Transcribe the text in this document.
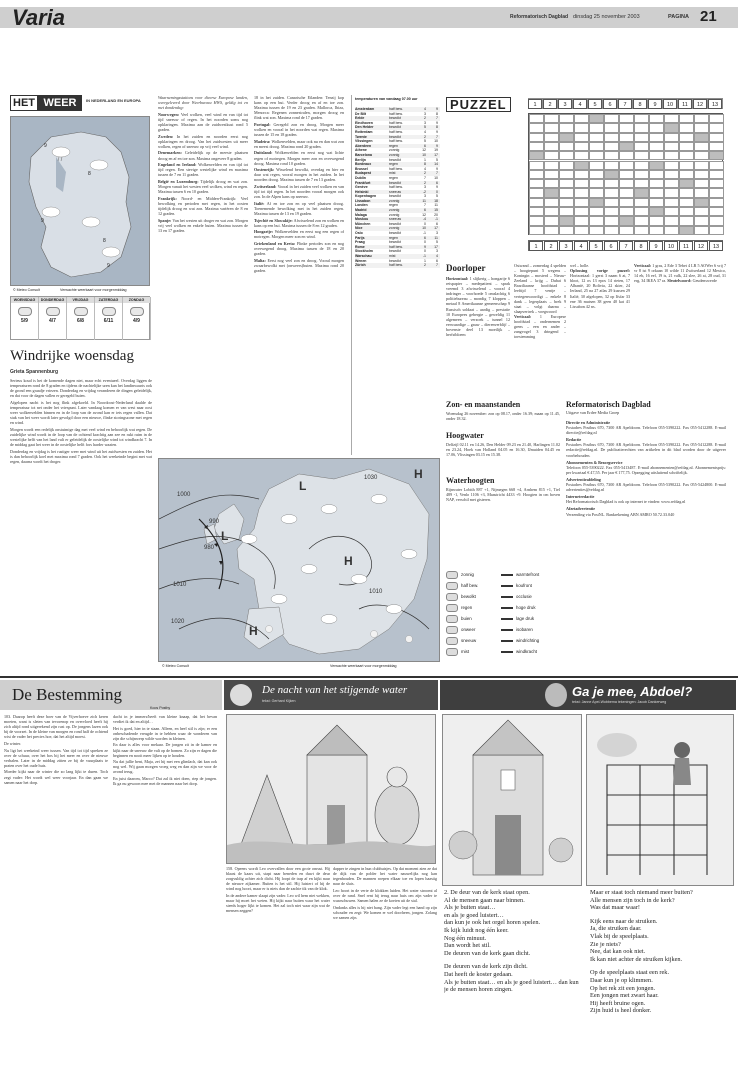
Varia	Reformatorisch Dagblad dinsdag 25 november 2003	PAGINA 21
HET WEER	IN NEDERLAND EN EUROPA
9
8
9
8
9
© Meteo Consult	Verwachte weerkaart voor morgenmiddag
WOENSDAG
5/9
DONDERDAG
4/7
VRIJDAG
6/8
ZATERDAG
6/11
ZONDAG
4/9
Windrijke woensdag
Grieta Spannenburg

Serieus koud is het de komende dagen niet, maar echt eventueel. Overdag liggen de temperaturen rond de 8 graden en tijdens de nachtelijke uren kan het landinwaarts ook de grond een graadje vriezen. Donderdag en vrijdag veranderen de dingen geleidelijk, en dat voor de dagen vallen er geregeld buien.

Afgelopen nacht is het nog flink afgekoeld. In Noordoost-Nederland daalde de temperatuur tot net onder het vriespunt. Later vandaag komen er van west naar oost weer wolkenvelden binnen en in de loop van de avond kan er iets regen vallen. Dat stuk van het weer wordt later gevolgd door een nieuwe, flinke storingszone met regen en wind.

Morgen wordt een redelijk onstuimige dag met veel wind en behoorlijk wat regen. De zuidelijke wind wordt in de loop van de ochtend krachtig aan zee en rukt ruim in de westelijke helft van het land vult er geleidelijk de oostelijke wind tot windkracht 7. In de middag gaat het weer in de oostelijke helft fors harder waaien.

Donderdag en vrijdag is het rustiger weer met wind uit het zuidwesten en zuiden. Het is dan behoorlijk koel met maxima rond 7 graden. Ook het weekeinde begint met wat regen, daarna wordt het droger.

Waarnemingsstations voor diverse Europese landen, weergeleverd door Weerbureau HWS, geldig tot en met donderdag:

Noorwegen: Veel wolken, veel wind en van tijd tot tijd sneeuw of regen. In het noorden soms nog opklaringen. Maxima aan de zuidwestkust rond 5 graden.

Zweden: In het zuiden en noorden eerst nog opklaringen en droog. Van het zuidwesten uit meer wolken, regen of sneeuw op vrij veel wind.

Denemarken: Geleidelijk op de meeste plaatsen droog en af en toe zon. Maxima ongeveer 8 graden.

Engeland en Ierland: Wolkenvelden en van tijd tot tijd regen. Een stevige westelijke wind en maxima tussen de 7 en 11 graden.

België en Luxemburg: Tijdelijk droog en wat zon. Morgen vanuit het westen veel wolken, wind en regen. Maxima tussen 6 en 10 graden.

Frankrijk: Noord- en Midden-Frankrijk: Veel bewolking en perioden met regen, in het oosten tijdelijk droog en wat zon. Maxima variëren de 8 en 12 graden.

Spanje: Van het westen uit droger en wat zon. Morgen vrij veel wolken en enkele buien. Maxima tussen de 13 en 17 graden.

18 in het zuiden. Canarische Eilanden: Tenzij kop kans op een bui. Verder droog en af en toe zon. Maxima tussen de 19 en 23 graden. Mallorca, Ibiza, Menorca: Regenen zonnestralen, morgen droog en flink wat zon. Maxima rond de 17 graden.

Portugal: Geregeld zon en droog. Morgen meer wolken en vooral in het noorden wat regen. Maxima tussen de 15 en 18 graden.

Madeira: Wolkenvelden, maar ook nu en dan wat zon en meest droog. Maxima rond 20 graden.

Duitsland: Wolkenvelden en eerst nog wat lichte regen of motregen. Morgen meer zon en overwegend droog. Maxima rond 10 graden.

Oostenrijk: Wisselend bewolkt, overdag en hier en daar wat regen, vooral morgen in het zuiden. In het noorden droog. Maxima tussen de 7 en 13 graden.

Zwitserland: Vooral in het zuiden veel wolken en van tijd tot tijd regen. In het noorden vooral morgen ook zon. In de Alpen kans op sneeuw.

Italië: Af en toe zon en op veel plaatsen droog. Toenemende bewolking met in het zuiden regen. Maxima tussen de 13 en 19 graden.

Tsjechië en Slowakije: Afwisselend zon en wolken en kans op een bui. Maxima tussen de 8 en 12 graden.

Hongarije: Wolkenvelden en eerst nog een regen of motregen. Morgen meer zon en wind.

Griekenland en Kreta: Flinke periodes zon en nog overwegend droog. Maxima tussen de 18 en 20 graden.

Malta: Eerst nog veel zon en droog. Vooral morgen zwaarbewolkt met (onweers)buien. Maxima rond 20 graden.

temperaturen van vandaag 07.00 uur
Amsterdam	half bew.	4	9
De Bilt	half bew.	3	8
Eelde	bewolkt	2	7
Eindhoven	half bew.	3	9
Den Helder	bewolkt	5	8
Rotterdam	half bew.	4	9
Twente	bewolkt	2	7
Vlissingen	half bew.	5	10
Aberdeen	regen	6	9
Athene	zonnig	12	19
Barcelona	zonnig	10	17
Berlijn	bewolkt	1	5
Bordeaux	regen	8	14
Brussel	half bew.	4	9
Budapest	mist	2	7
Dublin	regen	7	10
Frankfurt	bewolkt	2	6
Genève	half bew.	3	9
Helsinki	sneeuw	-2	0
Kopenhagen	bewolkt	3	5
Lissabon	zonnig	11	18
Londen	regen	7	11
Madrid	zonnig	6	15
Malaga	zonnig	12	20
Moskou	sneeuw	-4	-1
München	bewolkt	0	6
Nice	zonnig	10	17
Oslo	bewolkt	-1	3
Parijs	regen	6	11
Praag	bewolkt	0	5
Rome	half bew.	9	17
Stockholm	bewolkt	0	3
Warschau	mist	-1	4
Wenen	bewolkt	1	6
Zürich	half bew.	2	7
1000
990
980
1010
1020
1030
1010
H
L
H
L
H
© Meteo Consult	Verwachte weerkaart voor morgenmiddag
PUZZEL	1	2	3	4	5	6	7	8	9	10	11	12	13
1	2	3	4	5	6	7	8	9	10	11	12	13
Doorloper
Horizontaal: 1 slijkerig – hongarije 6 reispapier – medepatient – sprak vreemd 3 afwisselend – vooraf 4 indringer – voorhoede 5 omslachtig 6 politiebureau – mondig 7 kloppen – metaal 8 Amerikaanse gemeenschap 9 Russisch soldaat – aardig – prestatie 10 Europees gebergte – geweldig 11 algemeen – verzoek – tunnel 12 eerwaardige – gauw – dierenverblijf – bovenste deel 13 moeilijk – herfstbloem
Ostwand – zomerdag 4 spelden – hoogtepunt 5 wegens – Koningin – mosterd – Nieuw-Zeeland – krijg – Dubai 6 Braziliaanse hoofdstad – leeftijd 7 ventje – vertegenwoordigt – enkele 8 dank – legerplaats – brek 9 staat – volgt daarna – slaapvertrek – voegwoord
Verticaal: 1 Europese hoofdstad – ondernemen 2 grens – een en ander – zangvogel 3 dringend – toestemming
wel – holle.
Oplossing vorige puzzel: Horizontaal: 1 gerst 3 naam 6 at, 7 bloot, 12 os 13 epos 14 rieten, 17 Albanië, 20 Bolivia, 22 skier, 24 Ierland, 25 na 27 atlas 29 kussen 29 Italië, 30 afgelopen, 32 op Ifsfar 33 ene 36 mutsen 38 geen 40 kat 41 Lissabon 42 ns.
Verticaal: 1 gras, 2 Ede 3 Tebet 4 LR 5 AOWer 6 vrij 7 vr 8 ist 9 orkaan 10 wilde 11 Zwitserland 12 Mexico, 14 eb, 16 eel, 19 is, 21 valk, 22 slee, 26 ai, 28 oud, 31 erg, 34 IKEA 37 ra. Sleutelwoord: Geudenswerde
Zon- en maanstanden
Woensdag 26 november: zon op 08.17, onder 16.39; maan op 11.45, onder 18.32.
Hoogwater
Delfzijl 02.11 en 14.26, Den Helder 09.23 en 21.40, Harlingen 11.02 en 23.24, Hoek van Holland 04.05 en 16.30, IJmuiden 04.45 en 17.06, Vlissingen 03.15 en 15.38.
Waterhoogten
Rijnwater Lobith 887 +1, Nijmegen 668 +4, Arnhem 815 +1, Tiel 489 -1, Venlo 1106 +3, Maastricht 4433 +9. Hoogten in cm boven NAP, verschil met gisteren.
zonnig	warmtefront
half bew.	koufront
bewolkt	occlusie
regen	hoge druk
buien	lage druk
onweer	isobaren
sneeuw	windrichting
mist	windkracht
Reformatorisch Dagblad
Uitgave van Erdee Media Groep
Directie en Administratie
Postadres Postbus 670, 7300 AR Apeldoorn. Telefoon 055-5390222. Fax 055-5412288. E-mail directie@refdag.nl
Redactie
Postadres Postbus 670, 7300 AR Apeldoorn. Telefoon 055-5390222. Fax 055-5412288. E-mail redactie@refdag.nl. De publicatierechten van artikelen in dit blad worden door de uitgever voorbehouden.
Abonnementen & Bezorgservice
Telefoon 055-5390222. Fax 055-5413487. E-mail abonnementen@refdag.nl. Abonnementsprijs: per kwartaal € 47,55. Per jaar € 177,75. Opzegging uitsluitend schriftelijk.
Advertentieafdeling
Postadres Postbus 670, 7300 AR Apeldoorn. Telefoon 055-5390222. Fax 055-5424800. E-mail advertenties@refdag.nl
Internetredactie
Het Reformatorisch Dagblad is ook op internet te vinden: www.refdag.nl
Afzetadvertentie
Verzending via PostNL. Bankrekening ABN AMRO 50.72.33.040
De Bestemming
Koos Posthy

103. Daarop heeft deze boer van de Vijverhoeve zich keren moeten, want is sleten van tevorenop en overvloed heeft hij zich altijd rond uitgerekend zijn rust op. De jongens lazen ook bij de voorzet. In de kleine van morgen en rond half de ochtend wist de vader het precies hoe, dat het altijd moest.

De winter.

Nu ligt het weekeind weer tussen. Van tijd tot tijd spreken ze over de schuur, over het bos bij het meer en over de nieuwe verhalen. Later in de middag zitten ze bij de vuurplaats te praten over het oude huis.

Moeder kijkt naar de winter die zo lang lijkt te duren. Toch zegt vader: Het wordt wel weer voorjaar. En dan gaan we samen naar het dorp.

dacht in je immers/heeft van kleine knaap, dat het bevan verdiet ik dat en altijd…

Het is goed, hier in te staan. Alleen, en heel stil is zijn; er een onbeschadende vreugde in te hebben waar de wonderen van zijn die schijnwerp wilde worden in kleinen.

En daar is alles voor mekaar. De jongen zit in de kamer en kijkt naar de sneeuw die valt op de bomen. Zo zijn er dagen die beginnen en nooit meer lijken op te houden.

Nu dat jullie bent, Maja, zei hij met een glimlach, dat kan ook nog wel. Wij gaan morgen vroeg weg en dan zijn we voor de avond terug.

En juist daarom, Marco? Dat zal ik niet doen, riep de jongen. Ik ga nu gewoon mee met de mannen naar het dorp.

De nacht van het stijgende water
tekst: Gerhard Kijken

158. Opeens wordt Leo overvallen door een grote onrust. Hij blaast de kaars uit, stapt naar beneden en duwt de deur zorgvuldig achter zich dicht. Hij loopt de trap af en kijkt naar de nieuwe zijkamer. Buiten is het stil. Hij luistert of hij de wind nog hoort, maar er is niets dan de zachte tik van de klok.

In de andere kamer slaapt zijn vader. Leo wil hem niet wekken, maar hij moet het weten. Hij kijkt naar buiten waar het water steeds hoger lijkt te komen. Het zal toch niet waar zijn wat de mensen zeggen?

dapper te zingen in hun clubhuisjes. Op dat moment zien ze dat de dijk van de polder het water nauwelijks nog kan tegenhouden. De mannen roepen elkaar toe en lopen haastig naar de sluis.

Leo hoort in de verte de klokken luiden. Het water stroomt al over de rand. Snel rent hij terug naar huis om zijn vader te waarschuwen. Samen halen ze de koeien uit de stal.

Ondanks alles is hij niet bang. Zijn vader legt een hand op zijn schouder en zegt: We komen er wel doorheen, jongen. Zolang we samen zijn.

Ga je mee, Abdoel?
tekst: Janne Apel-Wobbema tekeningen: Jacob Dankerweg
2. De deur van de kerk staat open.
Al de mensen gaan naar binnen.
Als je buiten staat…
en als je goed luistert…
dan kun je ook het orgel horen spelen.
Ik kijk luidt nog één keer.
Nog één minuut.
Dan wordt het stil.
De deuren van de kerk gaan dicht.
De deuren van de kerk zijn dicht.
Dat heeft de koster gedaan.
Als je buiten staat… en als je goed luistert… dan kun je de mensen horen zingen.
Maar er staat toch niemand meer buiten?
Alle mensen zijn toch in de kerk?
Was dat maar waar!
Kijk eens naar de struiken.
Ja, die struiken daar.
Vlak bij de speelplaats.
Zie je niets?
Nee, dat kan ook niet.
Ik kan niet achter de struiken kijken.
Op de speelplaats staat een rek.
Daar kun je op klimmen.
Op het rek zit een jongen.
Een jongen met zwart haar.
Hij heeft bruine ogen.
Zijn huid is heel donker.
